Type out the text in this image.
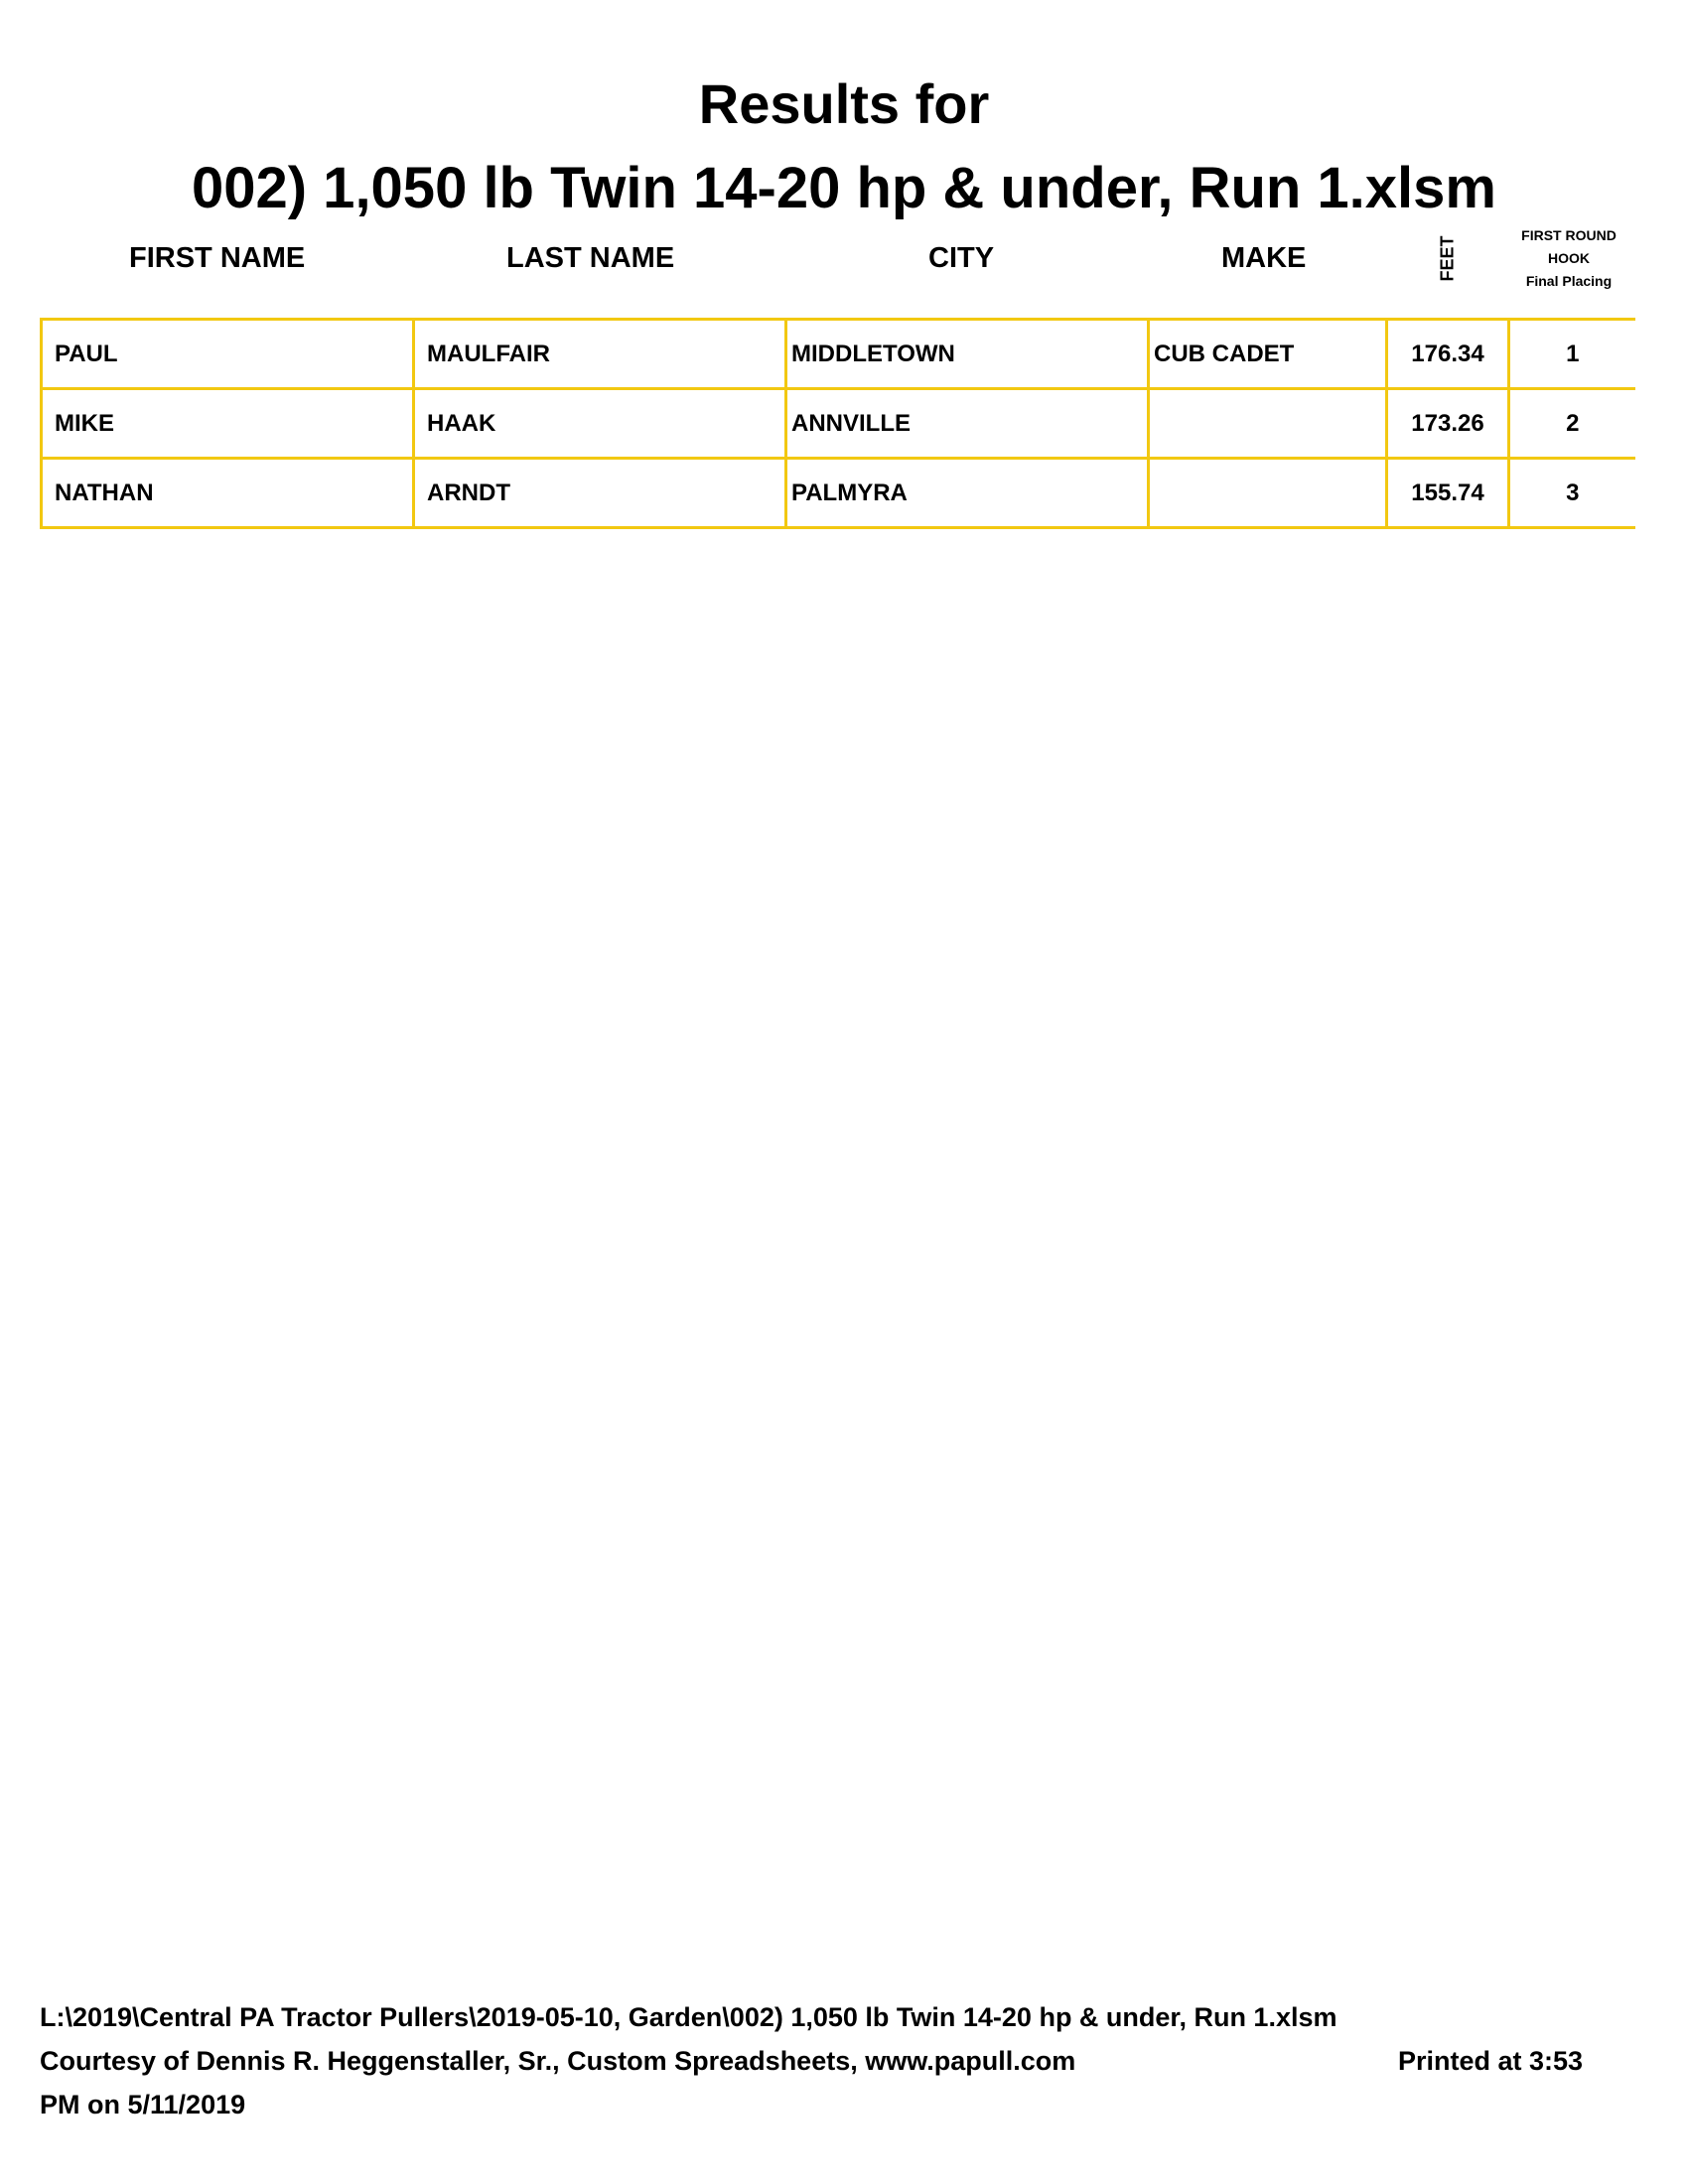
Results for
002) 1,050 lb Twin 14-20 hp & under, Run 1.xlsm
FIRST NAME	LAST NAME	CITY	MAKE	FEET	FIRST ROUND
HOOK
Final Placing
PAUL	MAULFAIR	MIDDLETOWN	CUB CADET	176.34	1
MIKE	HAAK	ANNVILLE		173.26	2
NATHAN	ARNDT	PALMYRA		155.74	3
L:\2019\Central PA Tractor Pullers\2019-05-10, Garden\002) 1,050 lb Twin 14-20 hp & under, Run 1.xlsm
Courtesy of Dennis R. Heggenstaller, Sr., Custom Spreadsheets, www.papull.com	Printed at 3:53
PM on 5/11/2019
